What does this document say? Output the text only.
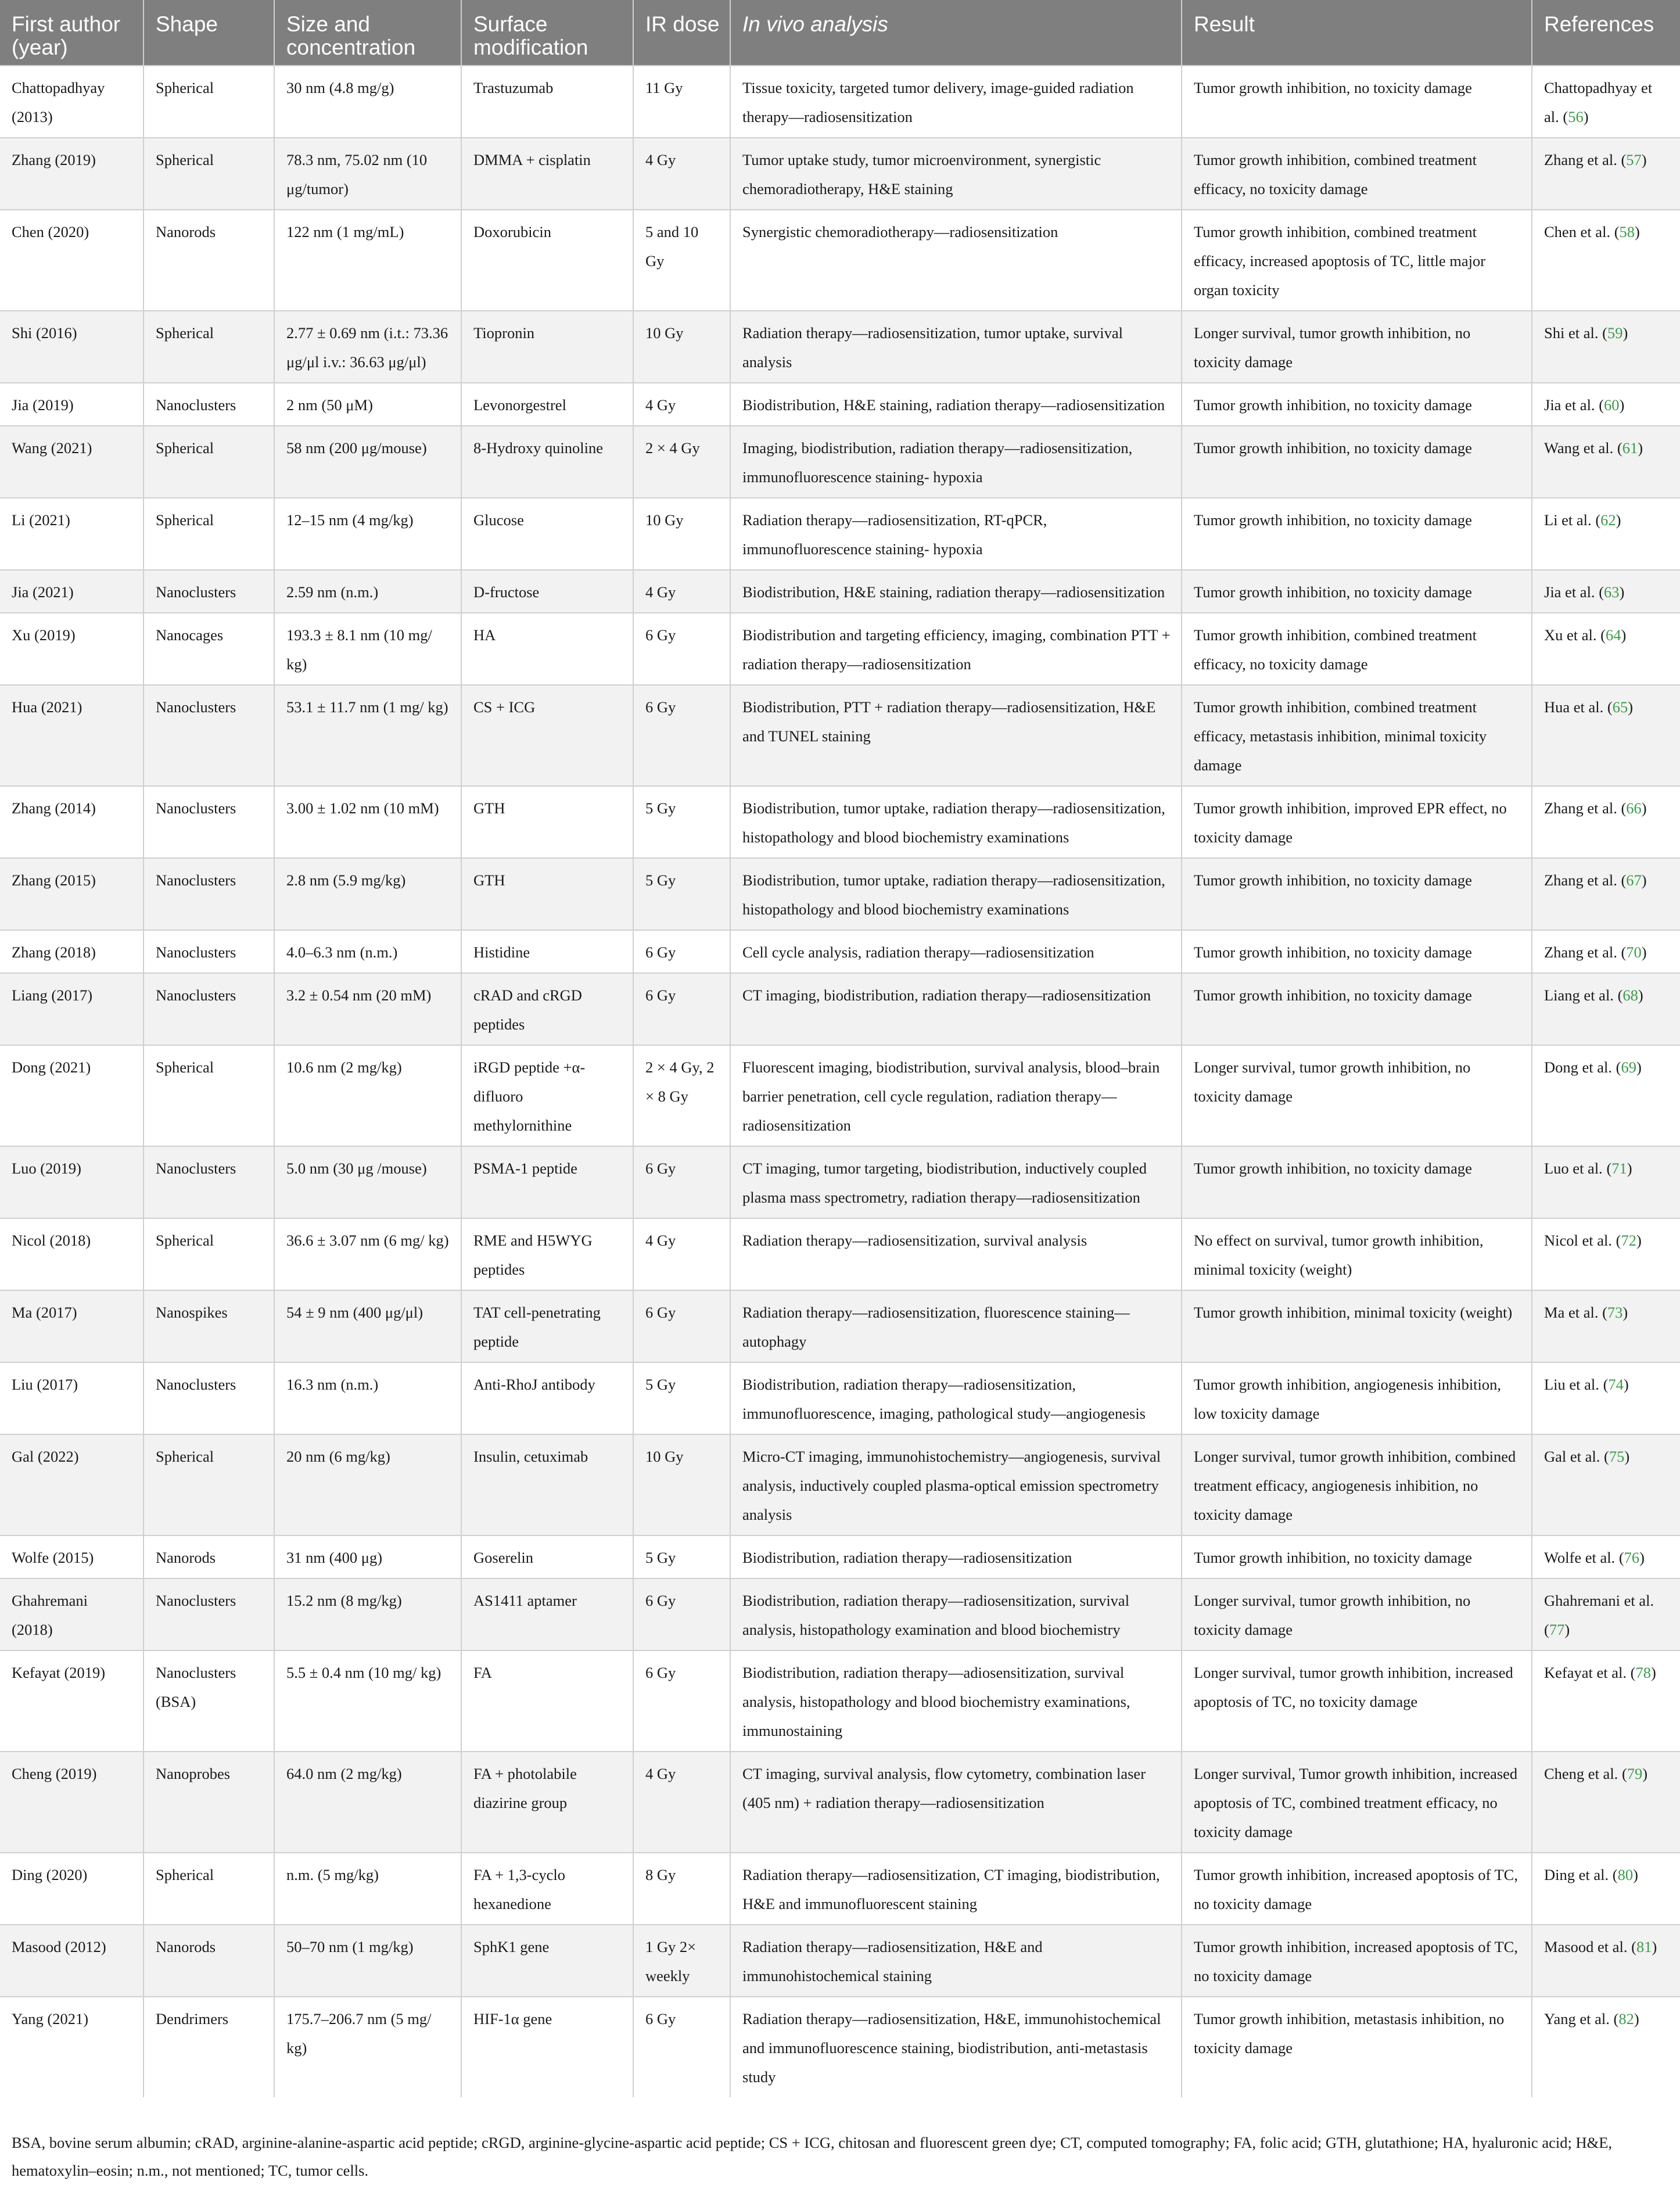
First author (year)	Shape	Size and concentration	Surface modification	IR dose	In vivo analysis	Result	References
Chattopadhyay (2013)	Spherical	30 nm (4.8 mg/g)	Trastuzumab	11 Gy	Tissue toxicity, targeted tumor delivery, image-guided radiation therapy—radiosensitization	Tumor growth inhibition, no toxicity damage	Chattopadhyay et al. (56)
Zhang (2019)	Spherical	78.3 nm, 75.02 nm (10 μg/tumor)	DMMA + cisplatin	4 Gy	Tumor uptake study, tumor microenvironment, synergistic chemoradiotherapy, H&E staining	Tumor growth inhibition, combined treatment efficacy, no toxicity damage	Zhang et al. (57)
Chen (2020)	Nanorods	122 nm (1 mg/mL)	Doxorubicin	5 and 10 Gy	Synergistic chemoradiotherapy—radiosensitization	Tumor growth inhibition, combined treatment efficacy, increased apoptosis of TC, little major organ toxicity	Chen et al. (58)
Shi (2016)	Spherical	2.77 ± 0.69 nm (i.t.: 73.36 μg/μl i.v.: 36.63 μg/μl)	Tiopronin	10 Gy	Radiation therapy—radiosensitization, tumor uptake, survival analysis	Longer survival, tumor growth inhibition, no toxicity damage	Shi et al. (59)
Jia (2019)	Nanoclusters	2 nm (50 μM)	Levonorgestrel	4 Gy	Biodistribution, H&E staining, radiation therapy—radiosensitization	Tumor growth inhibition, no toxicity damage	Jia et al. (60)
Wang (2021)	Spherical	58 nm (200 μg/mouse)	8-Hydroxy quinoline	2 × 4 Gy	Imaging, biodistribution, radiation therapy—radiosensitization, immunofluorescence staining- hypoxia	Tumor growth inhibition, no toxicity damage	Wang et al. (61)
Li (2021)	Spherical	12–15 nm (4 mg/kg)	Glucose	10 Gy	Radiation therapy—radiosensitization, RT-qPCR, immunofluorescence staining- hypoxia	Tumor growth inhibition, no toxicity damage	Li et al. (62)
Jia (2021)	Nanoclusters	2.59 nm (n.m.)	D-fructose	4 Gy	Biodistribution, H&E staining, radiation therapy—radiosensitization	Tumor growth inhibition, no toxicity damage	Jia et al. (63)
Xu (2019)	Nanocages	193.3 ± 8.1 nm (10 mg/ kg)	HA	6 Gy	Biodistribution and targeting efficiency, imaging, combination PTT + radiation therapy—radiosensitization	Tumor growth inhibition, combined treatment efficacy, no toxicity damage	Xu et al. (64)
Hua (2021)	Nanoclusters	53.1 ± 11.7 nm (1 mg/ kg)	CS + ICG	6 Gy	Biodistribution, PTT + radiation therapy—radiosensitization, H&E and TUNEL staining	Tumor growth inhibition, combined treatment efficacy, metastasis inhibition, minimal toxicity damage	Hua et al. (65)
Zhang (2014)	Nanoclusters	3.00 ± 1.02 nm (10 mM)	GTH	5 Gy	Biodistribution, tumor uptake, radiation therapy—radiosensitization, histopathology and blood biochemistry examinations	Tumor growth inhibition, improved EPR effect, no toxicity damage	Zhang et al. (66)
Zhang (2015)	Nanoclusters	2.8 nm (5.9 mg/kg)	GTH	5 Gy	Biodistribution, tumor uptake, radiation therapy—radiosensitization, histopathology and blood biochemistry examinations	Tumor growth inhibition, no toxicity damage	Zhang et al. (67)
Zhang (2018)	Nanoclusters	4.0–6.3 nm (n.m.)	Histidine	6 Gy	Cell cycle analysis, radiation therapy—radiosensitization	Tumor growth inhibition, no toxicity damage	Zhang et al. (70)
Liang (2017)	Nanoclusters	3.2 ± 0.54 nm (20 mM)	cRAD and cRGD peptides	6 Gy	CT imaging, biodistribution, radiation therapy—radiosensitization	Tumor growth inhibition, no toxicity damage	Liang et al. (68)
Dong (2021)	Spherical	10.6 nm (2 mg/kg)	iRGD peptide +α-difluoro methylornithine	2 × 4 Gy, 2 × 8 Gy	Fluorescent imaging, biodistribution, survival analysis, blood–brain barrier penetration, cell cycle regulation, radiation therapy—radiosensitization	Longer survival, tumor growth inhibition, no toxicity damage	Dong et al. (69)
Luo (2019)	Nanoclusters	5.0 nm (30 μg /mouse)	PSMA-1 peptide	6 Gy	CT imaging, tumor targeting, biodistribution, inductively coupled plasma mass spectrometry, radiation therapy—radiosensitization	Tumor growth inhibition, no toxicity damage	Luo et al. (71)
Nicol (2018)	Spherical	36.6 ± 3.07 nm (6 mg/ kg)	RME and H5WYG peptides	4 Gy	Radiation therapy—radiosensitization, survival analysis	No effect on survival, tumor growth inhibition, minimal toxicity (weight)	Nicol et al. (72)
Ma (2017)	Nanospikes	54 ± 9 nm (400 μg/μl)	TAT cell-penetrating peptide	6 Gy	Radiation therapy—radiosensitization, fluorescence staining—autophagy	Tumor growth inhibition, minimal toxicity (weight)	Ma et al. (73)
Liu (2017)	Nanoclusters	16.3 nm (n.m.)	Anti-RhoJ antibody	5 Gy	Biodistribution, radiation therapy—radiosensitization, immunofluorescence, imaging, pathological study—angiogenesis	Tumor growth inhibition, angiogenesis inhibition, low toxicity damage	Liu et al. (74)
Gal (2022)	Spherical	20 nm (6 mg/kg)	Insulin, cetuximab	10 Gy	Micro-CT imaging, immunohistochemistry—angiogenesis, survival analysis, inductively coupled plasma-optical emission spectrometry analysis	Longer survival, tumor growth inhibition, combined treatment efficacy, angiogenesis inhibition, no toxicity damage	Gal et al. (75)
Wolfe (2015)	Nanorods	31 nm (400 μg)	Goserelin	5 Gy	Biodistribution, radiation therapy—radiosensitization	Tumor growth inhibition, no toxicity damage	Wolfe et al. (76)
Ghahremani (2018)	Nanoclusters	15.2 nm (8 mg/kg)	AS1411 aptamer	6 Gy	Biodistribution, radiation therapy—radiosensitization, survival analysis, histopathology examination and blood biochemistry	Longer survival, tumor growth inhibition, no toxicity damage	Ghahremani et al. (77)
Kefayat (2019)	Nanoclusters (BSA)	5.5 ± 0.4 nm (10 mg/ kg)	FA	6 Gy	Biodistribution, radiation therapy—adiosensitization, survival analysis, histopathology and blood biochemistry examinations, immunostaining	Longer survival, tumor growth inhibition, increased apoptosis of TC, no toxicity damage	Kefayat et al. (78)
Cheng (2019)	Nanoprobes	64.0 nm (2 mg/kg)	FA + photolabile diazirine group	4 Gy	CT imaging, survival analysis, flow cytometry, combination laser (405 nm) + radiation therapy—radiosensitization	Longer survival, Tumor growth inhibition, increased apoptosis of TC, combined treatment efficacy, no toxicity damage	Cheng et al. (79)
Ding (2020)	Spherical	n.m. (5 mg/kg)	FA + 1,3-cyclo hexanedione	8 Gy	Radiation therapy—radiosensitization, CT imaging, biodistribution, H&E and immunofluorescent staining	Tumor growth inhibition, increased apoptosis of TC, no toxicity damage	Ding et al. (80)
Masood (2012)	Nanorods	50–70 nm (1 mg/kg)	SphK1 gene	1 Gy 2× weekly	Radiation therapy—radiosensitization, H&E and immunohistochemical staining	Tumor growth inhibition, increased apoptosis of TC, no toxicity damage	Masood et al. (81)
Yang (2021)	Dendrimers	175.7–206.7 nm (5 mg/ kg)	HIF-1α gene	6 Gy	Radiation therapy—radiosensitization, H&E, immunohistochemical and immunofluorescence staining, biodistribution, anti-metastasis study	Tumor growth inhibition, metastasis inhibition, no toxicity damage	Yang et al. (82)
BSA, bovine serum albumin; cRAD, arginine-alanine-aspartic acid peptide; cRGD, arginine-glycine-aspartic acid peptide; CS + ICG, chitosan and fluorescent green dye; CT, computed tomography; FA, folic acid; GTH, glutathione; HA, hyaluronic acid; H&E, hematoxylin–eosin; n.m., not mentioned; TC, tumor cells.
